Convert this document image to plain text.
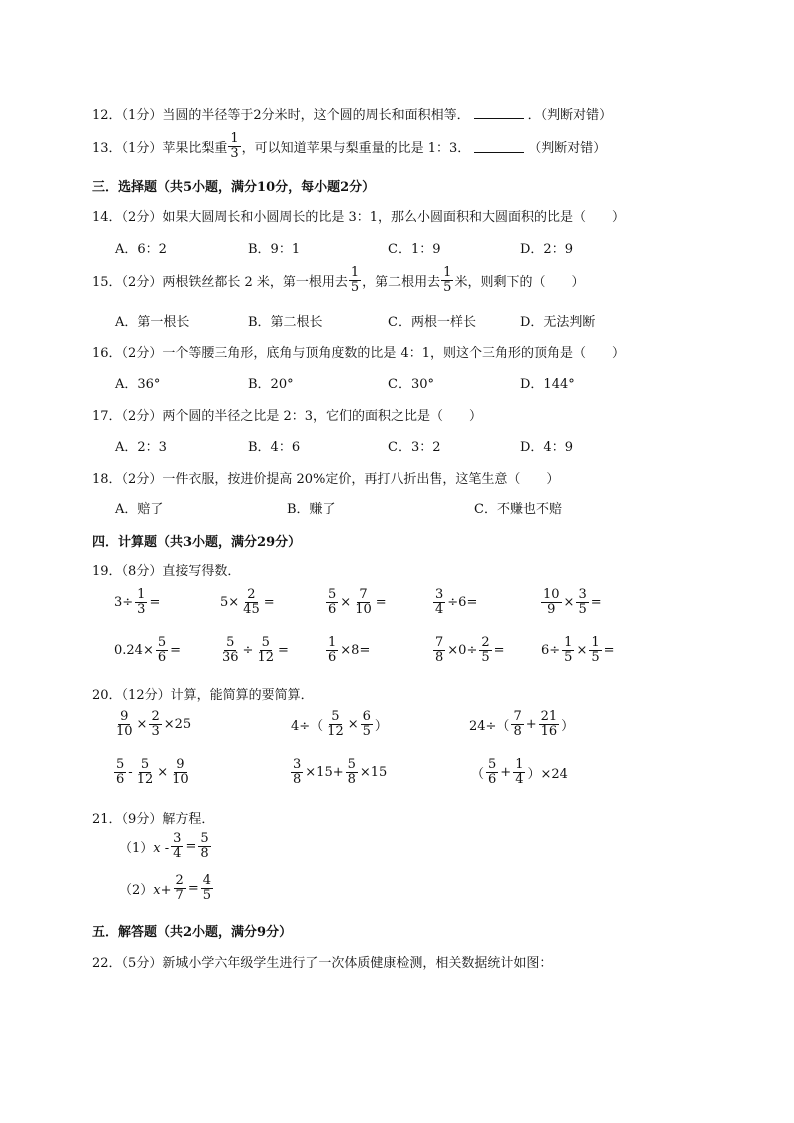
12．（1分）当圆的半径等于2分米时，这个圆的周长和面积相等．	．（判断对错）
13．（1分）苹果比梨重 $\frac{1}{3}$ ，可以知道苹果与梨重量的比是 1：3．	（判断对错）
三．选择题（共5小题，满分10分，每小题2分）
14．（2分）如果大圆周长和小圆周长的比是 3：1，那么小圆面积和大圆面积的比是（　　）
A．6：2	B．9：1	C．1：9	D．2：9
15．（2分）两根铁丝都长 2 米，第一根用去 $\frac{1}{5}$ ，第二根用去 $\frac{1}{5}$ 米，则剩下的（　　）
A．第一根长	B．第二根长	C．两根一样长	D．无法判断
16．（2分）一个等腰三角形，底角与顶角度数的比是 4：1，则这个三角形的顶角是（　　）
A．36°	B．20°	C．30°	D．144°
17．（2分）两个圆的半径之比是 2：3，它们的面积之比是（　　）
A．2：3	B．4：6	C．3：2	D．4：9
18．（2分）一件衣服，按进价提高 20%定价，再打八折出售，这笔生意（　　）
A．赔了	B．赚了	C．不赚也不赔
四．计算题（共3小题，满分29分）
19．（8分）直接写得数．
$3\div \frac{1}{3}$ =	$5\times \frac{2}{45}$ =	$\frac{5}{6} \times \frac{7}{10}$ =	$\frac{3}{4} \div 6=$	$\frac{10}{9} \times \frac{3}{5}$ =
$0.24\times \frac{5}{6}$ =	$\frac{5}{36} \div \frac{5}{12}$ =	$\frac{1}{6} \times 8=$	$\frac{7}{8} \times 0\div \frac{2}{5}$ =	$6\div \frac{1}{5} \times \frac{1}{5}$ =
20．（12分）计算，能简算的要简算．
$\frac{9}{10} \times \frac{2}{3} \times 25$	$4\div( \frac{5}{12} \times \frac{6}{5}$ ）	$24\div( \frac{7}{8} + \frac{21}{16}$ ）
$\frac{5}{6} - \frac{5}{12} \times \frac{9}{10}$	$\frac{3}{8} \times 15+ \frac{5}{8} \times 15$	（ $\frac{5}{6} + \frac{1}{4} )\times 24$
21．（9分）解方程．
$(1)x - \frac{3}{4} = \frac{5}{8}$
$(2)x+ \frac{2}{7} = \frac{4}{5}$
五．解答题（共2小题，满分9分）
22．（5分）新城小学六年级学生进行了一次体质健康检测，相关数据统计如图：
